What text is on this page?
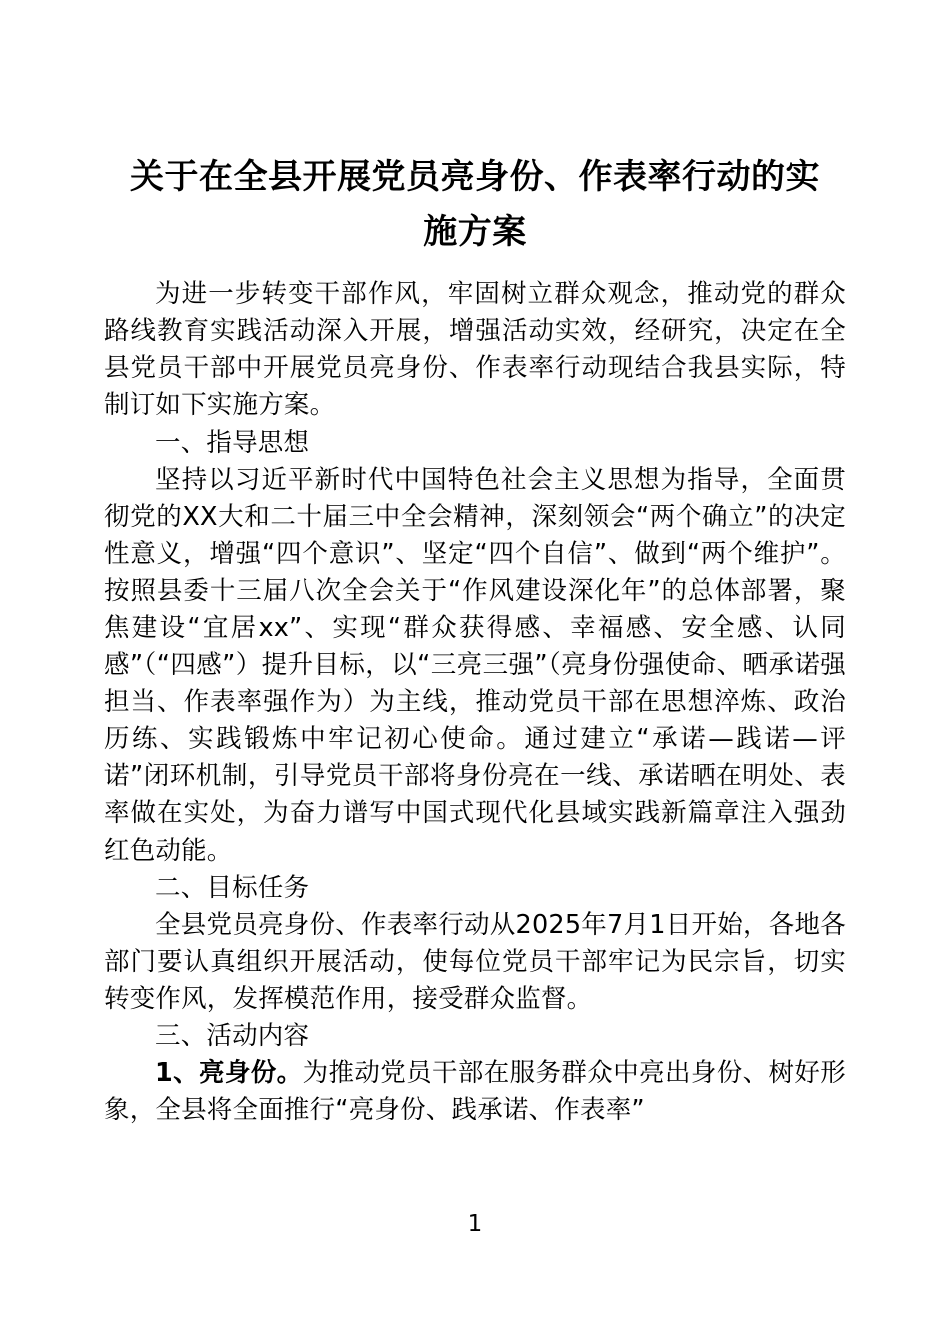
关于在全县开展党员亮身份、作表率行动的实施方案

为进一步转变干部作风，牢固树立群众观念，推动党的群众路线教育实践活动深入开展，增强活动实效，经研究，决定在全县党员干部中开展党员亮身份、作表率行动现结合我县实际，特制订如下实施方案。

一、指导思想

坚持以习近平新时代中国特色社会主义思想为指导，全面贯彻党的XX大和二十届三中全会精神，深刻领会“两个确立”的决定性意义，增强“四个意识”、坚定“四个自信”、做到“两个维护”。按照县委十三届八次全会关于“作风建设深化年”的总体部署，聚焦建设“宜居xx”、实现“群众获得感、幸福感、安全感、认同感”（“四感”）提升目标，以“三亮三强”（亮身份强使命、晒承诺强担当、作表率强作为）为主线，推动党员干部在思想淬炼、政治历练、实践锻炼中牢记初心使命。通过建立“承诺—践诺—评诺”闭环机制，引导党员干部将身份亮在一线、承诺晒在明处、表率做在实处，为奋力谱写中国式现代化县域实践新篇章注入强劲红色动能。

二、目标任务

全县党员亮身份、作表率行动从2025年7月1日开始，各地各部门要认真组织开展活动，使每位党员干部牢记为民宗旨，切实转变作风，发挥模范作用，接受群众监督。

三、活动内容

1、亮身份。为推动党员干部在服务群众中亮出身份、树好形象，全县将全面推行“亮身份、践承诺、作表率”

1
